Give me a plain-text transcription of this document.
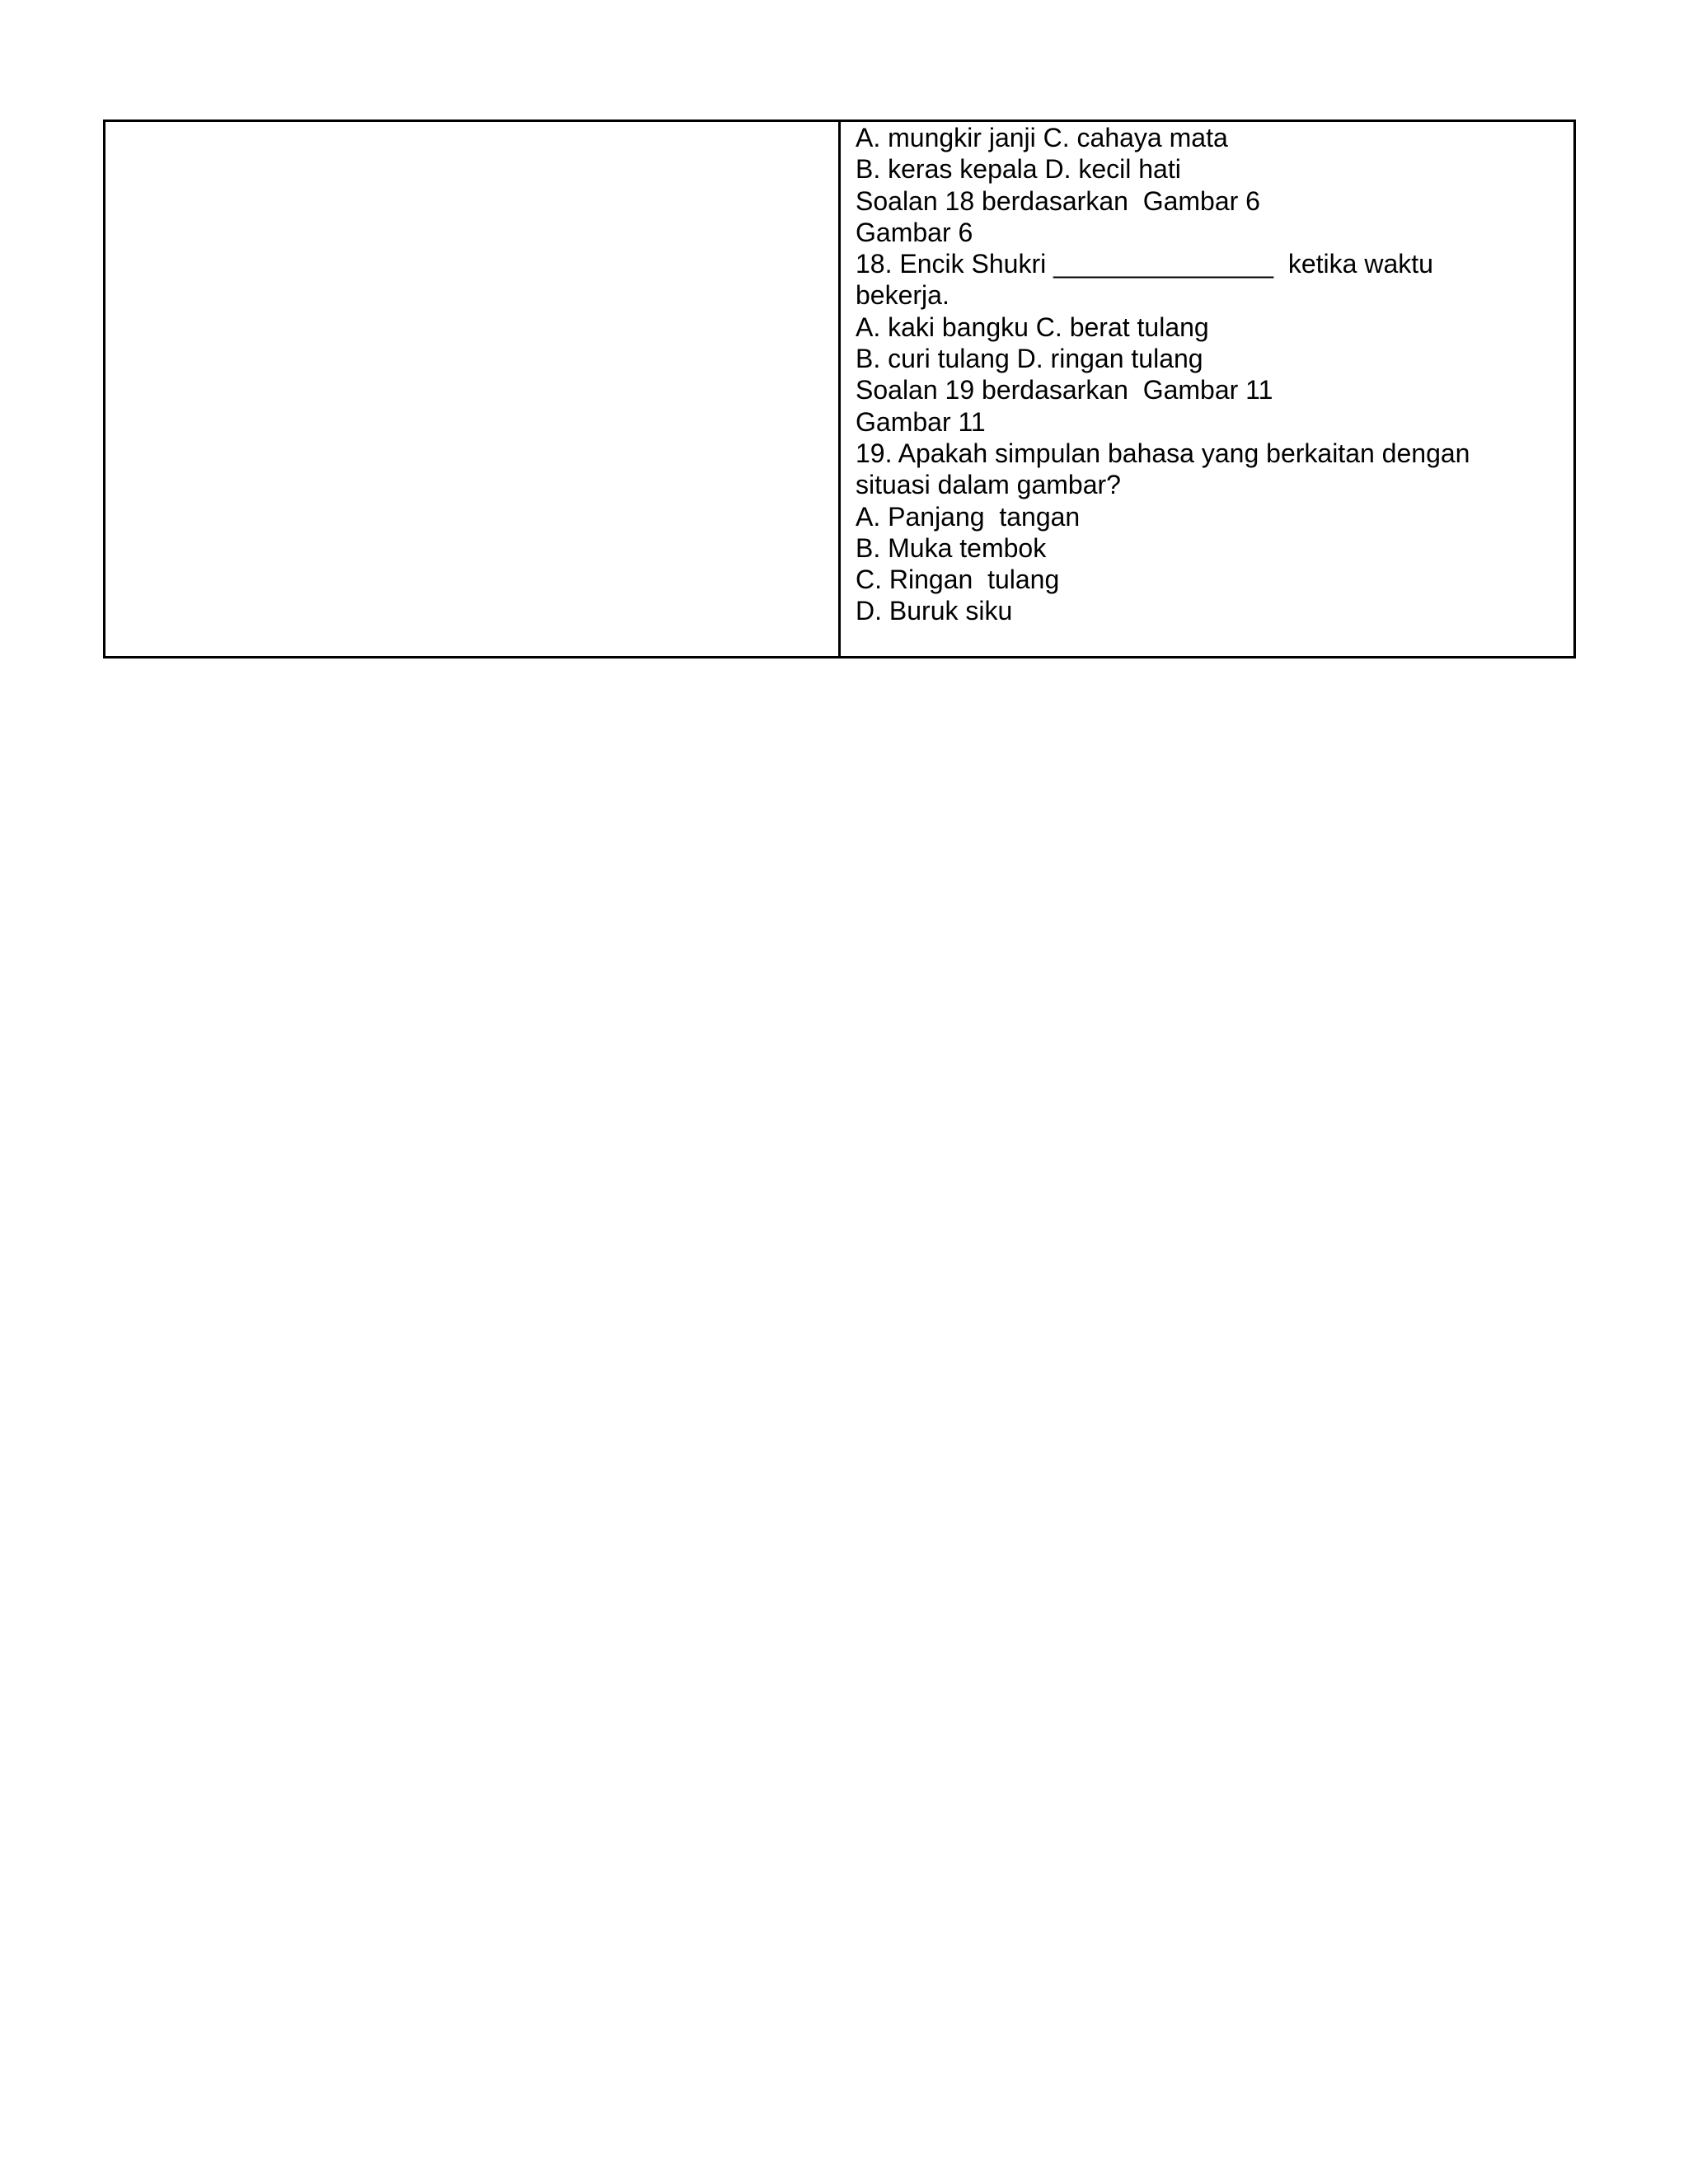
A. mungkir janji C. cahaya mata
B. keras kepala D. kecil hati
Soalan 18 berdasarkan  Gambar 6
Gambar 6
18. Encik Shukri _______________  ketika waktu
bekerja.
A. kaki bangku C. berat tulang
B. curi tulang D. ringan tulang
Soalan 19 berdasarkan  Gambar 11
Gambar 11
19. Apakah simpulan bahasa yang berkaitan dengan
situasi dalam gambar?
A. Panjang  tangan
B. Muka tembok
C. Ringan  tulang
D. Buruk siku
